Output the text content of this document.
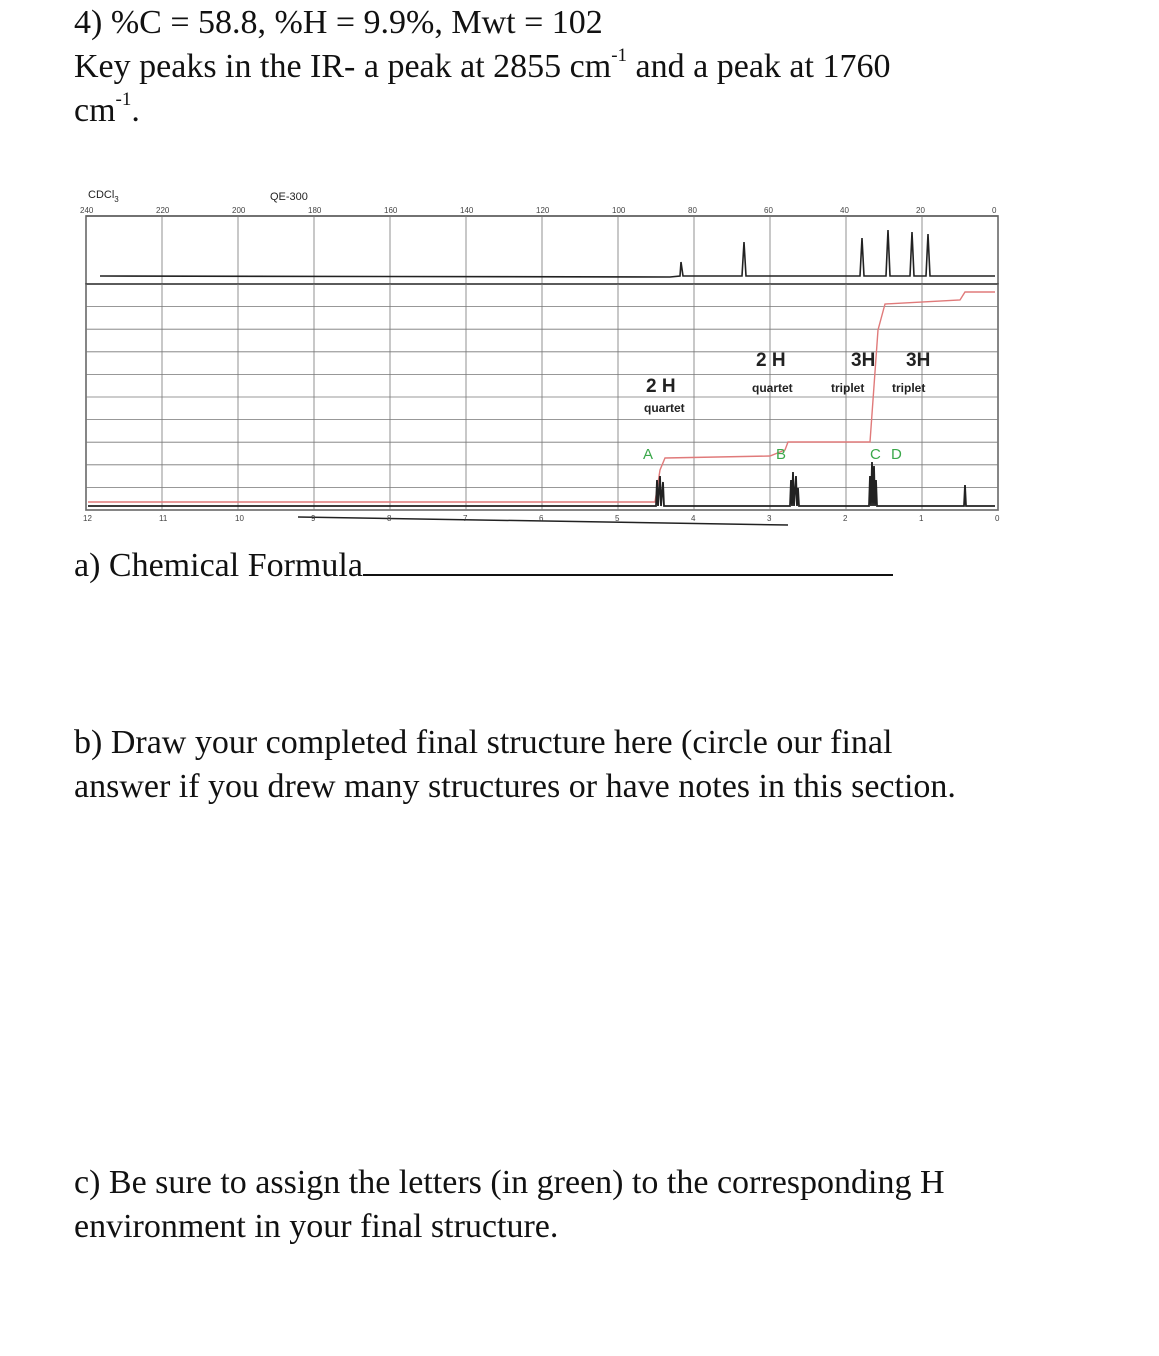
4) %C = 58.8, %H = 9.9%, Mwt = 102
Key peaks in the IR- a peak at 2855 $cm^{-1}$ and a peak at 1760
$cm^{-1}$.
CDCl$_3$	QE-300
240	220	200	180	160	140	120	100	80	60	40	20	0
2 H
quartet
2 H
quartet
3H
triplet
3H
triplet
A	B	C D
12	11	10	9	8	7	6	5	4	3	2	1	0
a) Chemical Formula
b) Draw your completed final structure here (circle our final
answer if you drew many structures or have notes in this section.
c) Be sure to assign the letters (in green) to the corresponding H
environment in your final structure.
